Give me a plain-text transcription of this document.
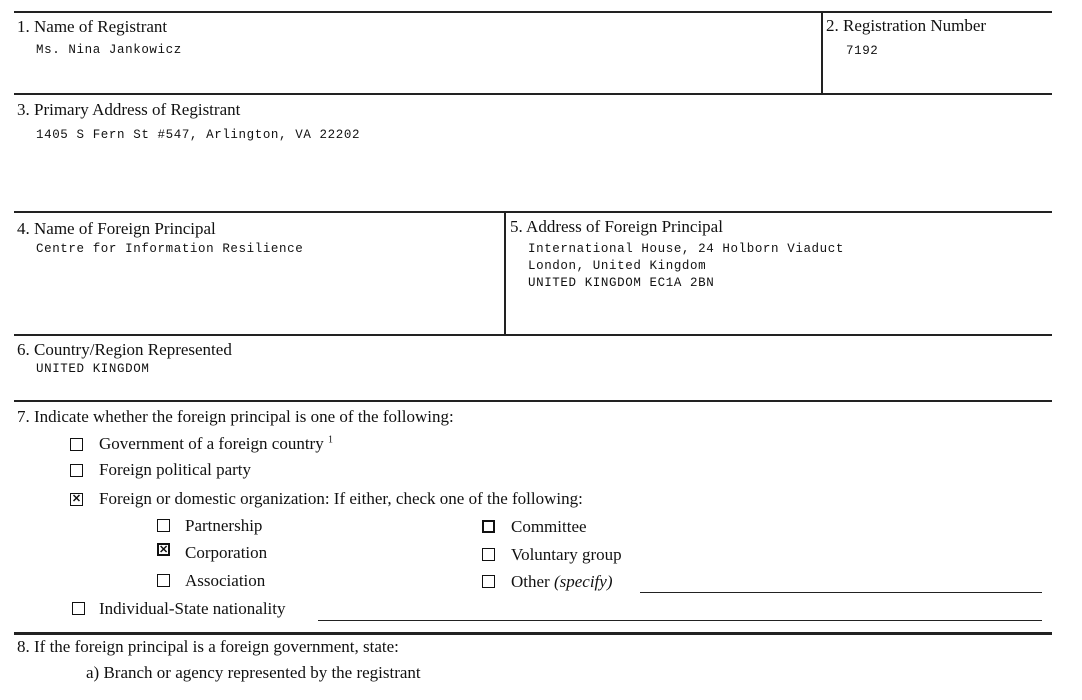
1. Name of Registrant
Ms. Nina Jankowicz
2. Registration Number
7192
3. Primary Address of Registrant
1405 S Fern St #547, Arlington, VA 22202
4. Name of Foreign Principal
Centre for Information Resilience
5. Address of Foreign Principal
International House, 24 Holborn Viaduct
London, United Kingdom
UNITED KINGDOM EC1A 2BN
6. Country/Region Represented
UNITED KINGDOM
7. Indicate whether the foreign principal is one of the following:
Government of a foreign country $^1$
Foreign political party
✕ Foreign or domestic organization: If either, check one of the following:
Partnership
✕ Corporation
Association
Committee
Voluntary group
Other (specify)
Individual-State nationality
8. If the foreign principal is a foreign government, state:
a) Branch or agency represented by the registrant
